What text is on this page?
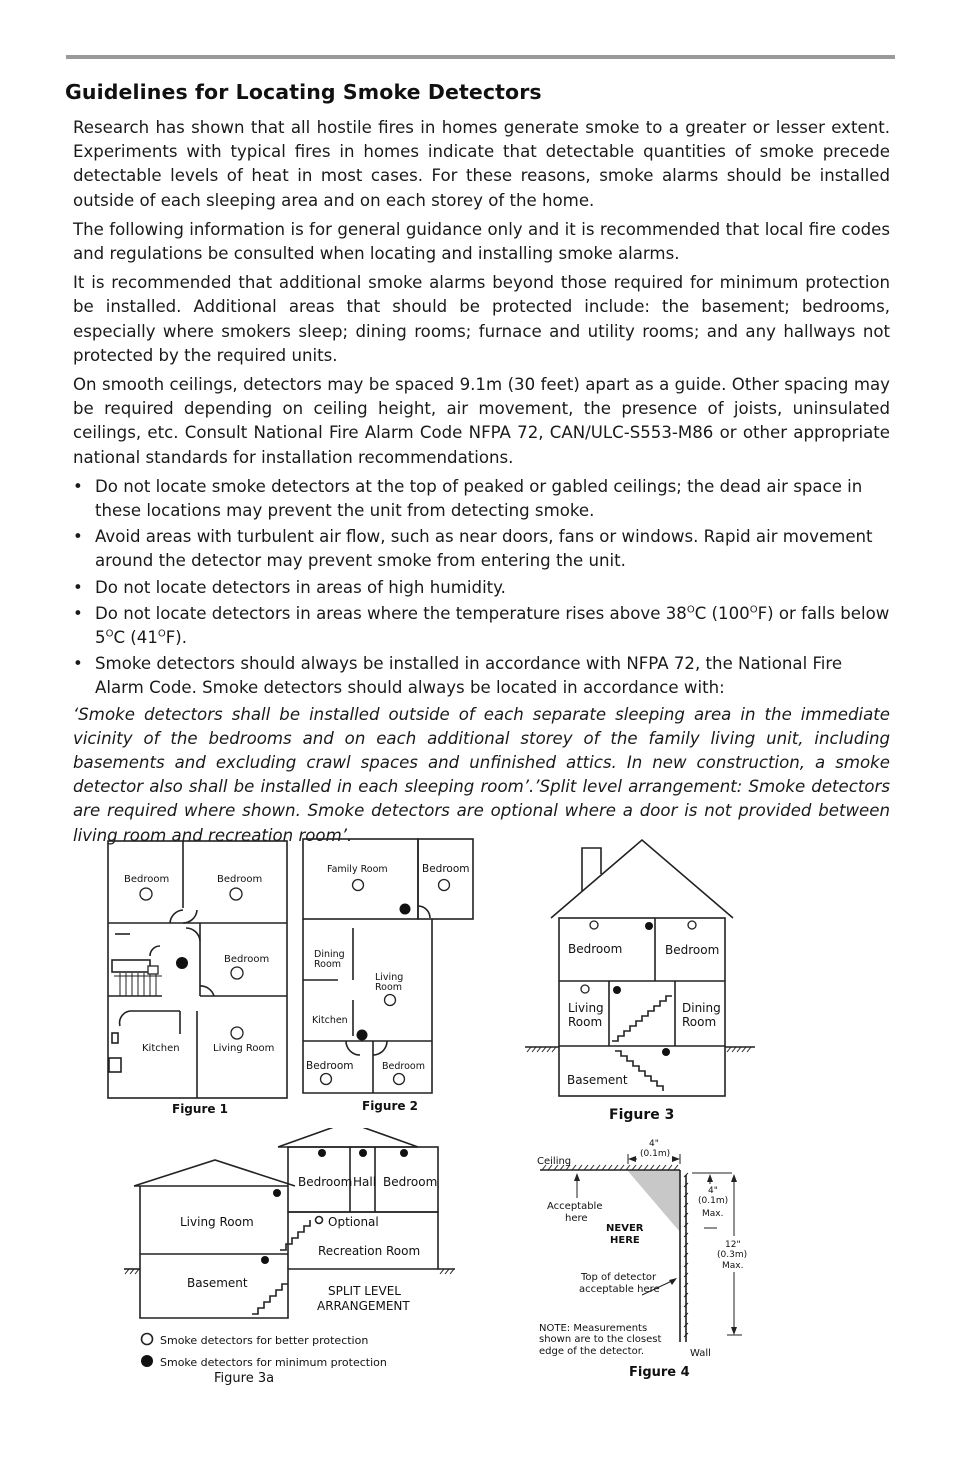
Guidelines for Locating Smoke Detectors

Research has shown that all hostile fires in homes generate smoke to a greater or lesser extent. Experiments with typical fires in homes indicate that detectable quantities of smoke precede detectable levels of heat in most cases. For these reasons, smoke alarms should be installed outside of each sleeping area and on each storey of the home.

The following information is for general guidance only and it is recommended that local fire codes and regulations be consulted when locating and installing smoke alarms.

It is recommended that additional smoke alarms beyond those required for minimum protection be installed. Additional areas that should be protected include: the basement; bedrooms, especially where smokers sleep; dining rooms; furnace and utility rooms; and any hallways not protected by the required units.

On smooth ceilings, detectors may be spaced 9.1m (30 feet) apart as a guide. Other spacing may be required depending on ceiling height, air movement, the presence of joists, uninsulated ceilings, etc. Consult National Fire Alarm Code NFPA 72, CAN/ULC-S553-M86 or other appropriate national standards for installation recommendations.

• Do not locate smoke detectors at the top of peaked or gabled ceilings; the dead air space in these locations may prevent the unit from detecting smoke.
• Avoid areas with turbulent air flow, such as near doors, fans or windows. Rapid air movement around the detector may prevent smoke from entering the unit.
• Do not locate detectors in areas of high humidity.
• Do not locate detectors in areas where the temperature rises above $38^OC$ $(100^OF)$ or falls below $5^OC$ $(41^OF)$.
• Smoke detectors should always be installed in accordance with NFPA 72, the National Fire Alarm Code. Smoke detectors should always be located in accordance with:
‘Smoke detectors shall be installed outside of each separate sleeping area in the immediate vicinity of the bedrooms and on each additional storey of the family living unit, including basements and excluding crawl spaces and unfinished attics. In new construction, a smoke detector also shall be installed in each sleeping room’.’Split level arrangement: Smoke detectors are required where shown. Smoke detectors are optional where a door is not provided between living room and recreation room’.
Bedroom	Bedroom
Bedroom
Kitchen	Living Room
Figure 1
Family Room	Bedroom
Dining
Room
Living
Room
Kitchen
Bedroom	Bedroom
Figure 2
Bedroom	Bedroom
Living
Room
Dining
Room
Basement
Figure 3
Bedroom Hall Bedroom
Living Room	Optional
Recreation Room
Basement
SPLIT LEVEL
ARRANGEMENT
Smoke detectors for better protection
Smoke detectors for minimum protection
Figure 3a
Ceiling
4"
(0.1m)
Acceptable
here
NEVER
HERE
4"
(0.1m)
Max.
12"
(0.3m)
Max.
Top of detector
acceptable here
NOTE: Measurements
shown are to the closest
edge of the detector.	Wall
Figure 4
